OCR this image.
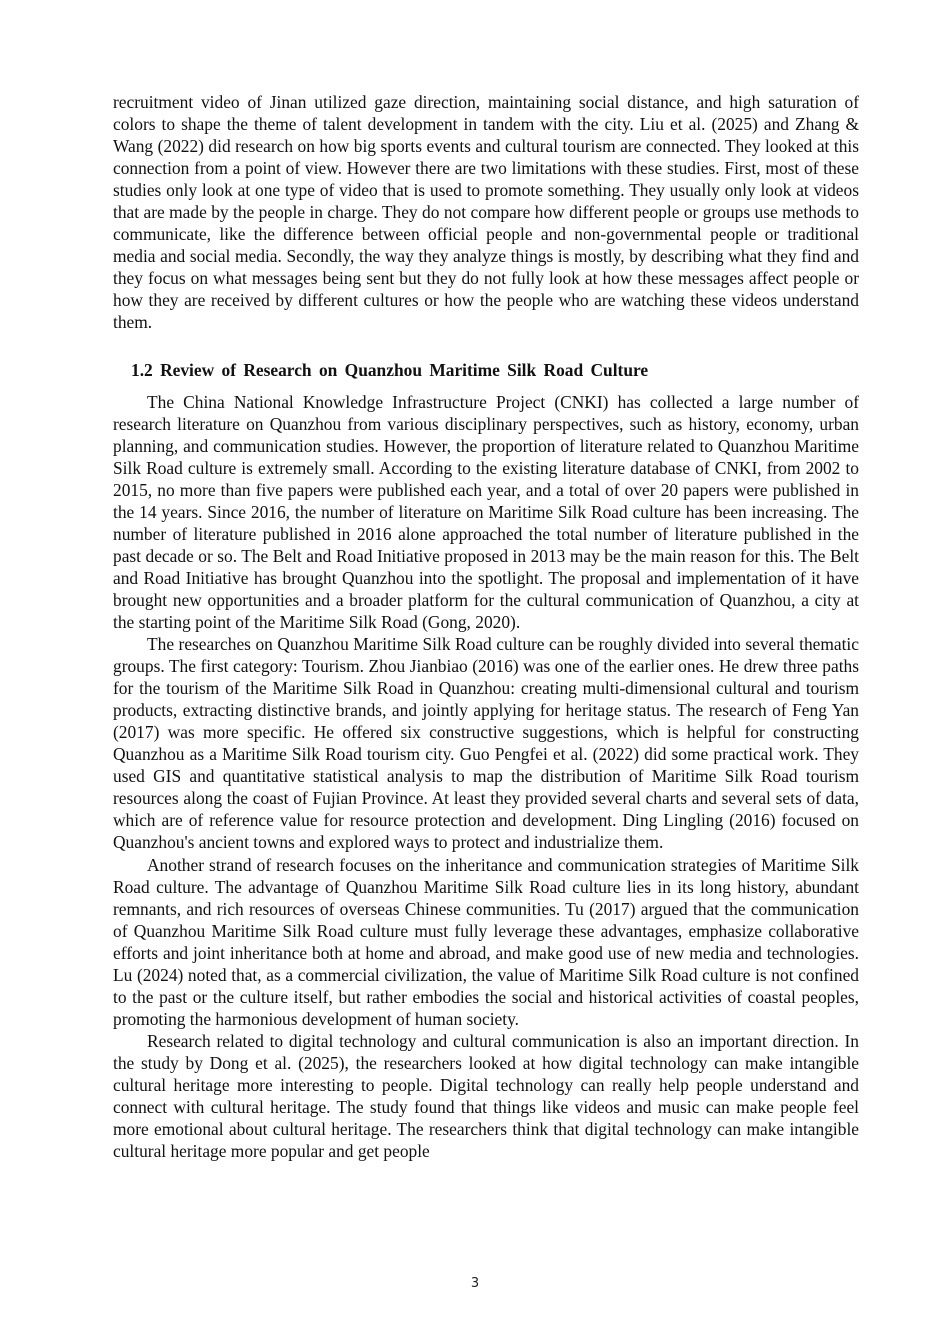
recruitment video of Jinan utilized gaze direction, maintaining social distance, and high saturation of colors to shape the theme of talent development in tandem with the city. Liu et al. (2025) and Zhang & Wang (2022) did research on how big sports events and cultural tourism are connected. They looked at this connection from a point of view. However there are two limitations with these studies. First, most of these studies only look at one type of video that is used to promote something. They usually only look at videos that are made by the people in charge. They do not compare how different people or groups use methods to communicate, like the difference between official people and non-governmental people or traditional media and social media. Secondly, the way they analyze things is mostly, by describing what they find and they focus on what messages being sent but they do not fully look at how these messages affect people or how they are received by different cultures or how the people who are watching these videos understand them.

1.2 Review of Research on Quanzhou Maritime Silk Road Culture

The China National Knowledge Infrastructure Project (CNKI) has collected a large number of research literature on Quanzhou from various disciplinary perspectives, such as history, economy, urban planning, and communication studies. However, the proportion of literature related to Quanzhou Maritime Silk Road culture is extremely small. According to the existing literature database of CNKI, from 2002 to 2015, no more than five papers were published each year, and a total of over 20 papers were published in the 14 years. Since 2016, the number of literature on Maritime Silk Road culture has been increasing. The number of literature published in 2016 alone approached the total number of literature published in the past decade or so. The Belt and Road Initiative proposed in 2013 may be the main reason for this. The Belt and Road Initiative has brought Quanzhou into the spotlight. The proposal and implementation of it have brought new opportunities and a broader platform for the cultural communication of Quanzhou, a city at the starting point of the Maritime Silk Road (Gong, 2020).

The researches on Quanzhou Maritime Silk Road culture can be roughly divided into several thematic groups. The first category: Tourism. Zhou Jianbiao (2016) was one of the earlier ones. He drew three paths for the tourism of the Maritime Silk Road in Quanzhou: creating multi-dimensional cultural and tourism products, extracting distinctive brands, and jointly applying for heritage status. The research of Feng Yan (2017) was more specific. He offered six constructive suggestions, which is helpful for constructing Quanzhou as a Maritime Silk Road tourism city. Guo Pengfei et al. (2022) did some practical work. They used GIS and quantitative statistical analysis to map the distribution of Maritime Silk Road tourism resources along the coast of Fujian Province. At least they provided several charts and several sets of data, which are of reference value for resource protection and development. Ding Lingling (2016) focused on Quanzhou's ancient towns and explored ways to protect and industrialize them.

Another strand of research focuses on the inheritance and communication strategies of Maritime Silk Road culture. The advantage of Quanzhou Maritime Silk Road culture lies in its long history, abundant remnants, and rich resources of overseas Chinese communities. Tu (2017) argued that the communication of Quanzhou Maritime Silk Road culture must fully leverage these advantages, emphasize collaborative efforts and joint inheritance both at home and abroad, and make good use of new media and technologies. Lu (2024) noted that, as a commercial civilization, the value of Maritime Silk Road culture is not confined to the past or the culture itself, but rather embodies the social and historical activities of coastal peoples, promoting the harmonious development of human society.

Research related to digital technology and cultural communication is also an important direction. In the study by Dong et al. (2025), the researchers looked at how digital technology can make intangible cultural heritage more interesting to people. Digital technology can really help people understand and connect with cultural heritage. The study found that things like videos and music can make people feel more emotional about cultural heritage. The researchers think that digital technology can make intangible cultural heritage more popular and get people

3
